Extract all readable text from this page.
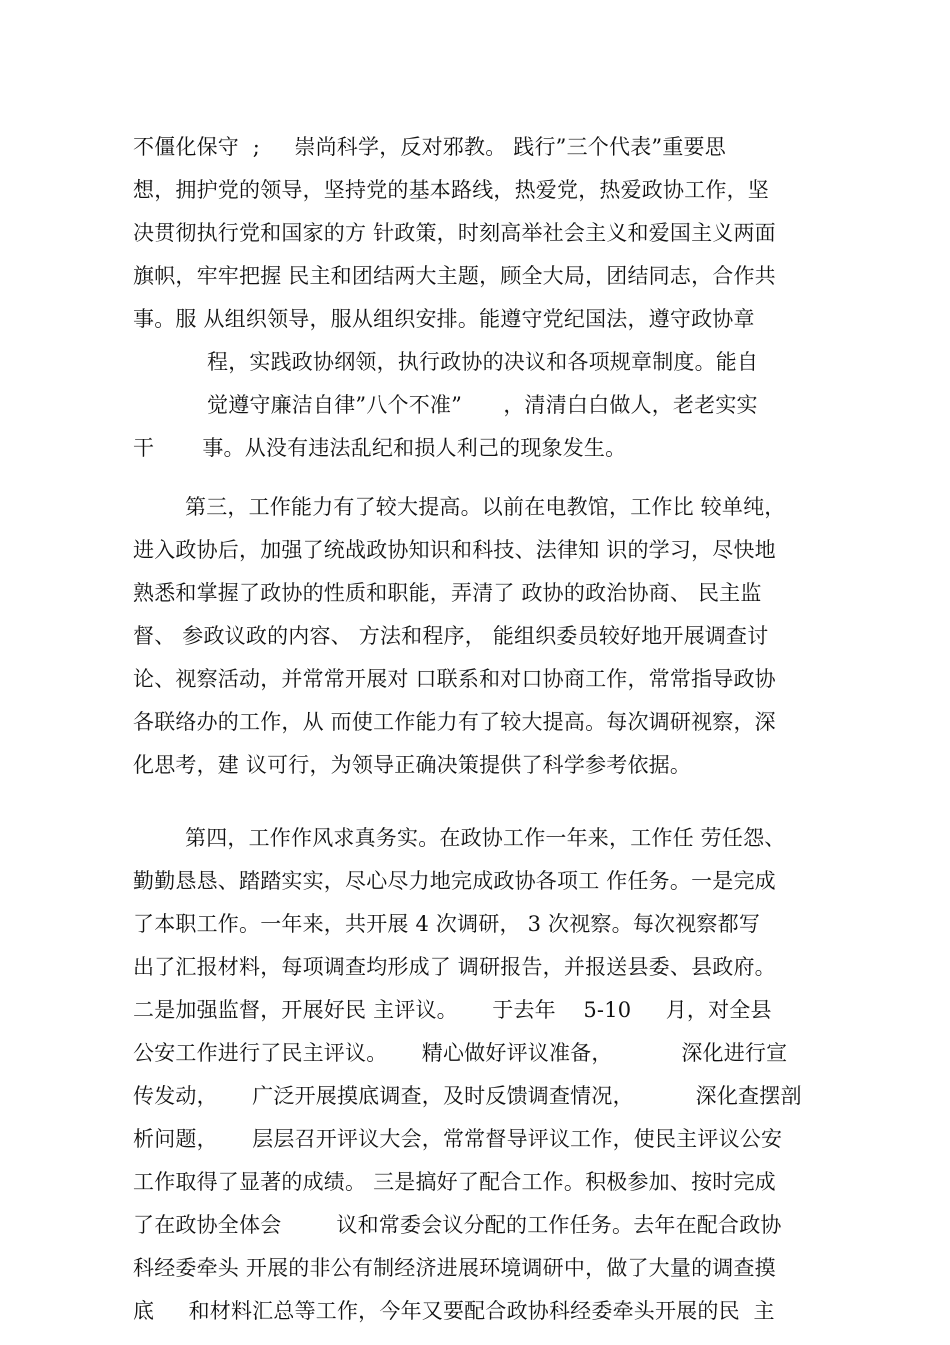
不僵化保守  ;     崇尚科学，反对邪教。 践行”三个代表”重要思
想，拥护党的领导，坚持党的基本路线，热爱党，热爱政协工作，坚
决贯彻执行党和国家的方 针政策，时刻高举社会主义和爱国主义两面
旗帜，牢牢把握 民主和团结两大主题，顾全大局，团结同志，合作共
事。服 从组织领导，服从组织安排。能遵守党纪国法，遵守政协章
程，实践政协纲领，执行政协的决议和各项规章制度。能自
觉遵守廉洁自律”八个不准”      ，清清白白做人，老老实实
干       事。从没有违法乱纪和损人利己的现象发生。
第三，工作能力有了较大提高。以前在电教馆，工作比 较单纯，
进入政协后，加强了统战政协知识和科技、法律知 识的学习，尽快地
熟悉和掌握了政协的性质和职能，弄清了 政协的政治协商、 民主监
督、 参政议政的内容、 方法和程序， 能组织委员较好地开展调查讨
论、视察活动，并常常开展对 口联系和对口协商工作，常常指导政协
各联络办的工作，从 而使工作能力有了较大提高。每次调研视察，深
化思考，建 议可行，为领导正确决策提供了科学参考依据。
第四，工作作风求真务实。在政协工作一年来，工作任 劳任怨、
勤勤恳恳、踏踏实实，尽心尽力地完成政协各项工 作任务。一是完成
了本职工作。一年来，共开展 4 次调研， 3 次视察。每次视察都写
出了汇报材料，每项调查均形成了 调研报告，并报送县委、县政府。
二是加强监督，开展好民 主评议。     于去年    5-10     月，对全县
公安工作进行了民主评议。     精心做好评议准备，          深化进行宣
传发动，     广泛开展摸底调查，及时反馈调查情况，         深化查摆剖
析问题，     层层召开评议大会，常常督导评议工作，使民主评议公安
工作取得了显著的成绩。 三是搞好了配合工作。积极参加、按时完成
了在政协全体会        议和常委会议分配的工作任务。去年在配合政协
科经委牵头 开展的非公有制经济进展环境调研中，做了大量的调查摸
底     和材料汇总等工作，今年又要配合政协科经委牵头开展的民  主
